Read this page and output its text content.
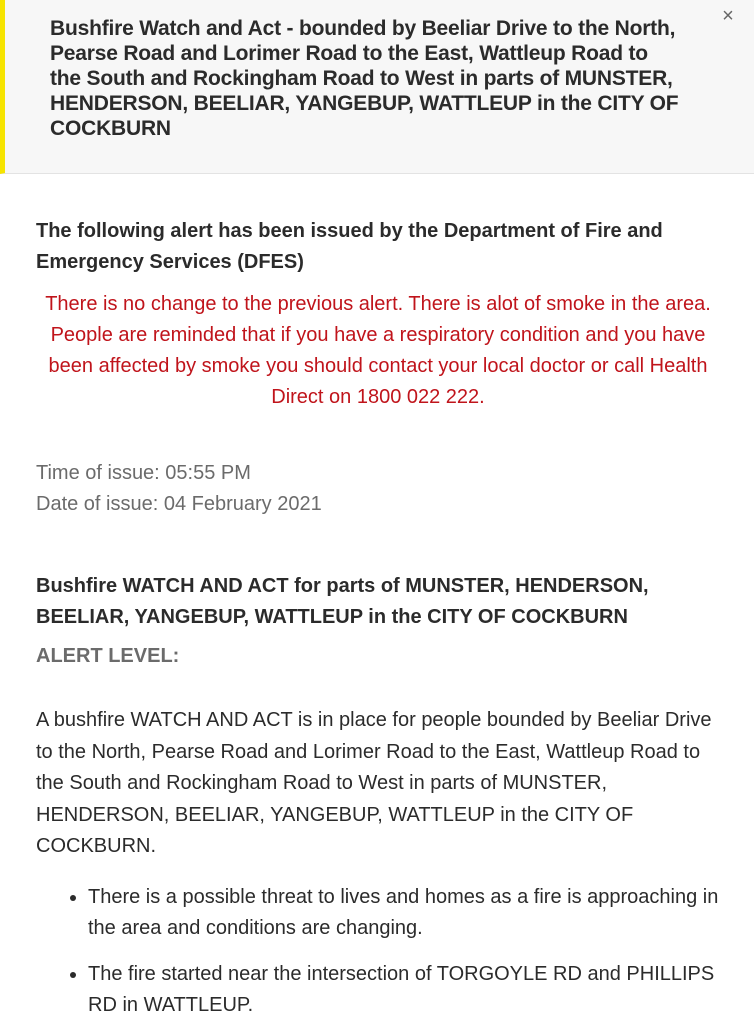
Bushfire Watch and Act - bounded by Beeliar Drive to the North, Pearse Road and Lorimer Road to the East, Wattleup Road to the South and Rockingham Road to West in parts of MUNSTER, HENDERSON, BEELIAR, YANGEBUP, WATTLEUP in the CITY OF COCKBURN
×

The following alert has been issued by the Department of Fire and Emergency Services (DFES)

There is no change to the previous alert. There is alot of smoke in the area. People are reminded that if you have a respiratory condition and you have been affected by smoke you should contact your local doctor or call Health Direct on 1800 022 222.

Time of issue: 05:55 PM
Date of issue: 04 February 2021
Bushfire WATCH AND ACT for parts of MUNSTER, HENDERSON, BEELIAR, YANGEBUP, WATTLEUP in the CITY OF COCKBURN
ALERT LEVEL:

A bushfire WATCH AND ACT is in place for people bounded by Beeliar Drive to the North, Pearse Road and Lorimer Road to the East, Wattleup Road to the South and Rockingham Road to West in parts of MUNSTER, HENDERSON, BEELIAR, YANGEBUP, WATTLEUP in the CITY OF COCKBURN.

• There is a possible threat to lives and homes as a fire is approaching in the area and conditions are changing.
• The fire started near the intersection of TORGOYLE RD and PHILLIPS RD in WATTLEUP.
